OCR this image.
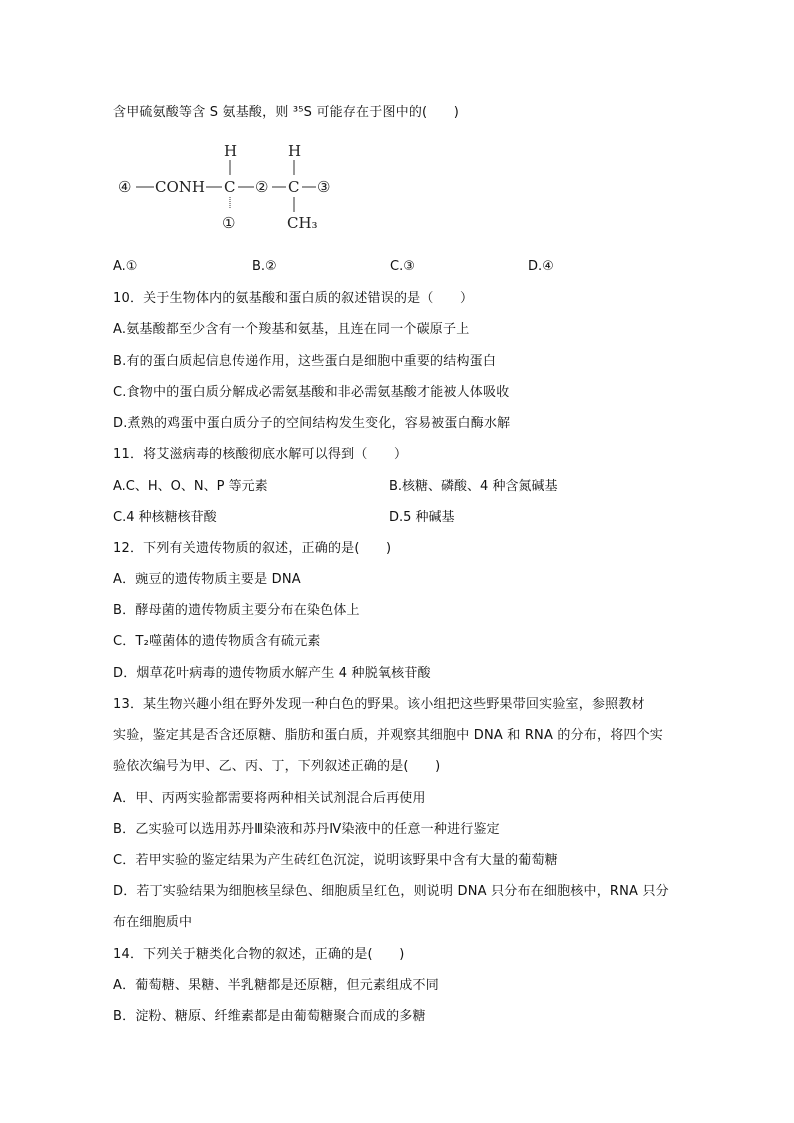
含甲硫氨酸等含 S 氨基酸，则 ³⁵S 可能存在于图中的(　　)
④ CONH
H
C
①
②
H
C ③
CH₃
A.①	B.②	C.③	D.④
10．关于生物体内的氨基酸和蛋白质的叙述错误的是（　　）
A.氨基酸都至少含有一个羧基和氨基，且连在同一个碳原子上
B.有的蛋白质起信息传递作用，这些蛋白是细胞中重要的结构蛋白
C.食物中的蛋白质分解成必需氨基酸和非必需氨基酸才能被人体吸收
D.煮熟的鸡蛋中蛋白质分子的空间结构发生变化，容易被蛋白酶水解
11．将艾滋病毒的核酸彻底水解可以得到（　　）
A.C、H、O、N、P 等元素	B.核糖、磷酸、4 种含氮碱基
C.4 种核糖核苷酸	D.5 种碱基
12．下列有关遗传物质的叙述，正确的是(　　)
A．豌豆的遗传物质主要是 DNA
B．酵母菌的遗传物质主要分布在染色体上
C．T₂噬菌体的遗传物质含有硫元素
D．烟草花叶病毒的遗传物质水解产生 4 种脱氧核苷酸
13．某生物兴趣小组在野外发现一种白色的野果。该小组把这些野果带回实验室，参照教材
实验，鉴定其是否含还原糖、脂肪和蛋白质，并观察其细胞中 DNA 和 RNA 的分布，将四个实
验依次编号为甲、乙、丙、丁，下列叙述正确的是(　　)
A．甲、丙两实验都需要将两种相关试剂混合后再使用
B．乙实验可以选用苏丹Ⅲ染液和苏丹Ⅳ染液中的任意一种进行鉴定
C．若甲实验的鉴定结果为产生砖红色沉淀，说明该野果中含有大量的葡萄糖
D．若丁实验结果为细胞核呈绿色、细胞质呈红色，则说明 DNA 只分布在细胞核中，RNA 只分
布在细胞质中
14．下列关于糖类化合物的叙述，正确的是(　　)
A．葡萄糖、果糖、半乳糖都是还原糖，但元素组成不同
B．淀粉、糖原、纤维素都是由葡萄糖聚合而成的多糖
